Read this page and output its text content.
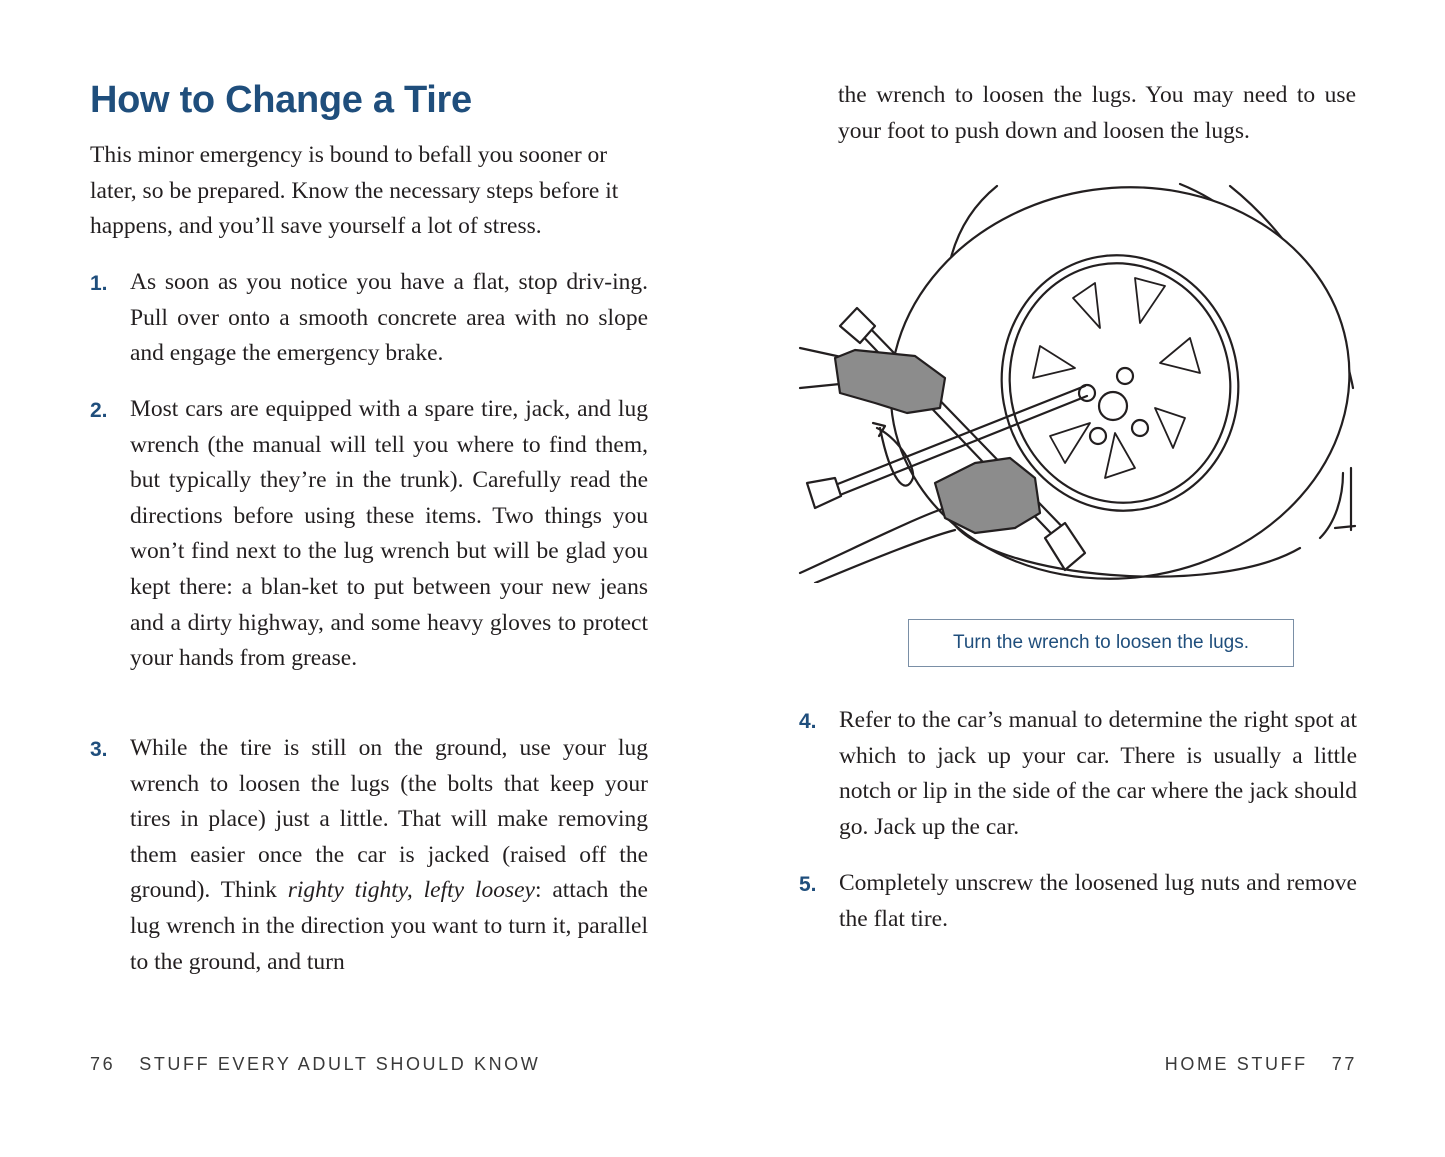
How to Change a Tire

This minor emergency is bound to befall you sooner or later, so be prepared. Know the necessary steps before it happens, and you’ll save yourself a lot of stress.

1. As soon as you notice you have a flat, stop driv-ing. Pull over onto a smooth concrete area with no slope and engage the emergency brake.

2. Most cars are equipped with a spare tire, jack, and lug wrench (the manual will tell you where to find them, but typically they’re in the trunk). Carefully read the directions before using these items. Two things you won’t find next to the lug wrench but will be glad you kept there: a blan-ket to put between your new jeans and a dirty highway, and some heavy gloves to protect your hands from grease.

3. While the tire is still on the ground, use your lug wrench to loosen the lugs (the bolts that keep your tires in place) just a little. That will make removing them easier once the car is jacked (raised off the ground). Think righty tighty, lefty loosey: attach the lug wrench in the direction you want to turn it, parallel to the ground, and turn

the wrench to loosen the lugs. You may need to use your foot to push down and loosen the lugs.

Turn the wrench to loosen the lugs.
4. Refer to the car’s manual to determine the right spot at which to jack up your car. There is usually a little notch or lip in the side of the car where the jack should go. Jack up the car.

5. Completely unscrew the loosened lug nuts and remove the flat tire.

76 STUFF EVERY ADULT SHOULD KNOW	HOME STUFF 77
